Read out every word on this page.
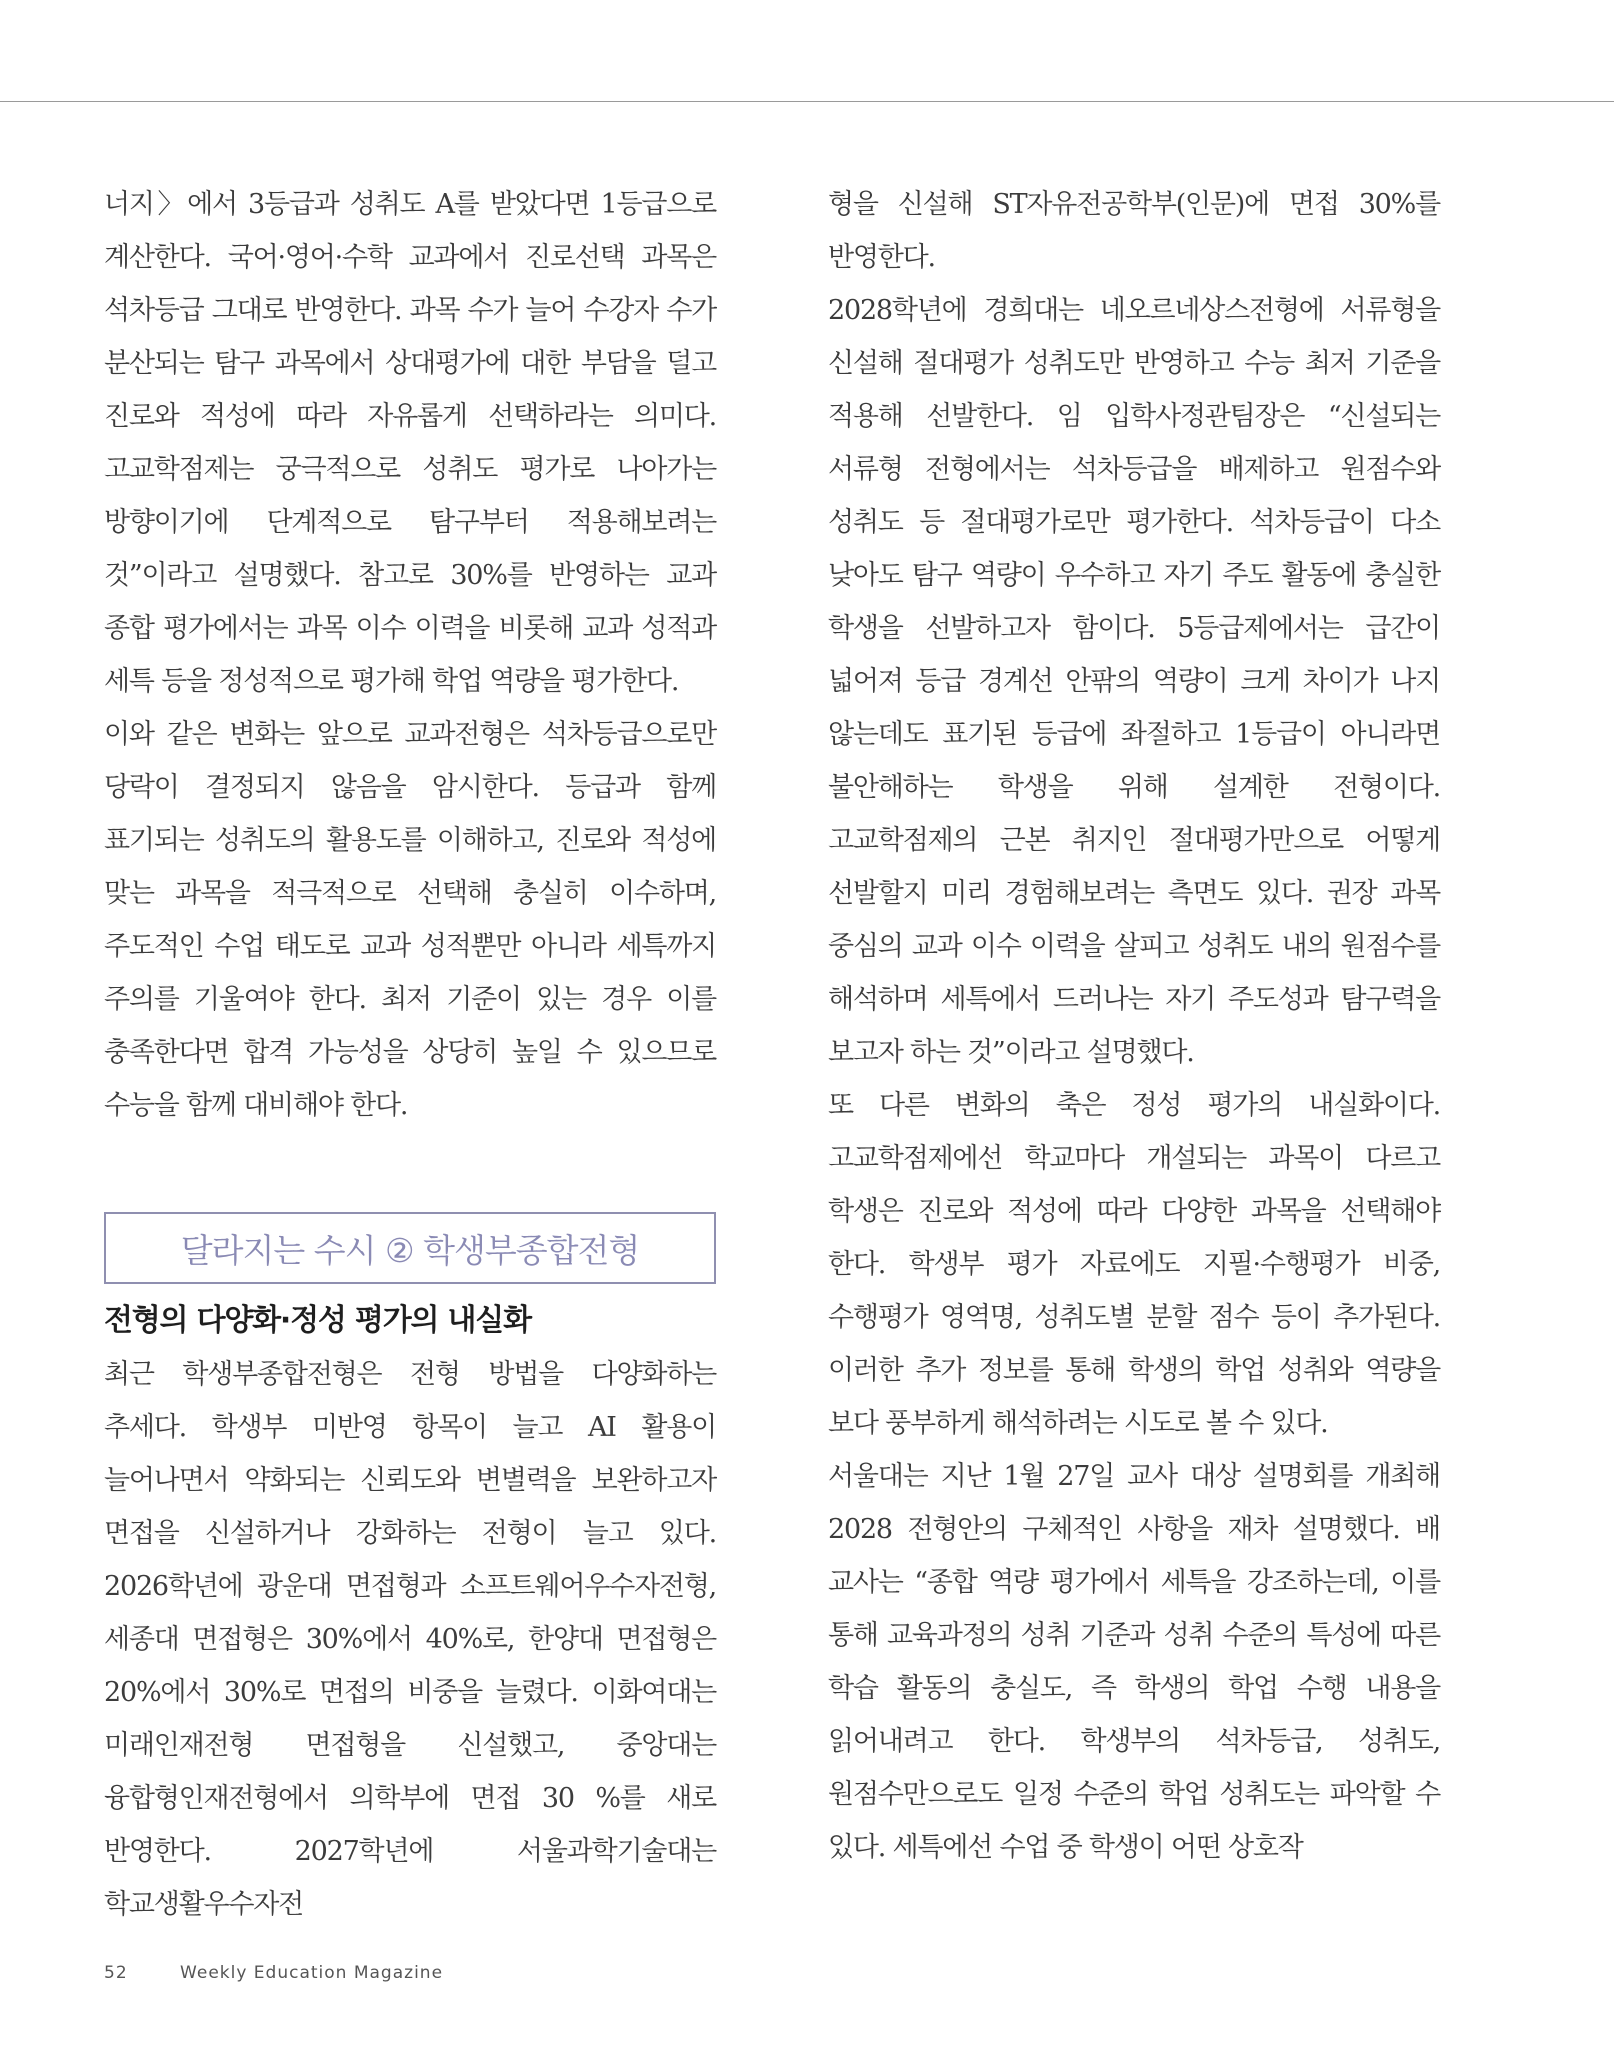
너지〉에서 3등급과 성취도 A를 받았다면 1등급으로 계산한다. 국어·영어·수학 교과에서 진로선택 과목은 석차등급 그대로 반영한다. 과목 수가 늘어 수강자 수가 분산되는 탐구 과목에서 상대평가에 대한 부담을 덜고 진로와 적성에 따라 자유롭게 선택하라는 의미다. 고교학점제는 궁극적으로 성취도 평가로 나아가는 방향이기에 단계적으로 탐구부터 적용해보려는 것”이라고 설명했다. 참고로 30%를 반영하는 교과 종합 평가에서는 과목 이수 이력을 비롯해 교과 성적과 세특 등을 정성적으로 평가해 학업 역량을 평가한다.

이와 같은 변화는 앞으로 교과전형은 석차등급으로만 당락이 결정되지 않음을 암시한다. 등급과 함께 표기되는 성취도의 활용도를 이해하고, 진로와 적성에 맞는 과목을 적극적으로 선택해 충실히 이수하며, 주도적인 수업 태도로 교과 성적뿐만 아니라 세특까지 주의를 기울여야 한다. 최저 기준이 있는 경우 이를 충족한다면 합격 가능성을 상당히 높일 수 있으므로 수능을 함께 대비해야 한다.

달라지는 수시 ② 학생부종합전형
전형의 다양화·정성 평가의 내실화

최근 학생부종합전형은 전형 방법을 다양화하는 추세다. 학생부 미반영 항목이 늘고 AI 활용이 늘어나면서 약화되는 신뢰도와 변별력을 보완하고자 면접을 신설하거나 강화하는 전형이 늘고 있다. 2026학년에 광운대 면접형과 소프트웨어우수자전형, 세종대 면접형은 30%에서 40%로, 한양대 면접형은 20%에서 30%로 면접의 비중을 늘렸다. 이화여대는 미래인재전형 면접형을 신설했고, 중앙대는 융합형인재전형에서 의학부에 면접 30 %를 새로 반영한다. 2027학년에 서울과학기술대는 학교생활우수자전

형을 신설해 ST자유전공학부(인문)에 면접 30%를 반영한다.

2028학년에 경희대는 네오르네상스전형에 서류형을 신설해 절대평가 성취도만 반영하고 수능 최저 기준을 적용해 선발한다. 임 입학사정관팀장은 “신설되는 서류형 전형에서는 석차등급을 배제하고 원점수와 성취도 등 절대평가로만 평가한다. 석차등급이 다소 낮아도 탐구 역량이 우수하고 자기 주도 활동에 충실한 학생을 선발하고자 함이다. 5등급제에서는 급간이 넓어져 등급 경계선 안팎의 역량이 크게 차이가 나지 않는데도 표기된 등급에 좌절하고 1등급이 아니라면 불안해하는 학생을 위해 설계한 전형이다. 고교학점제의 근본 취지인 절대평가만으로 어떻게 선발할지 미리 경험해보려는 측면도 있다. 권장 과목 중심의 교과 이수 이력을 살피고 성취도 내의 원점수를 해석하며 세특에서 드러나는 자기 주도성과 탐구력을 보고자 하는 것”이라고 설명했다.

또 다른 변화의 축은 정성 평가의 내실화이다. 고교학점제에선 학교마다 개설되는 과목이 다르고 학생은 진로와 적성에 따라 다양한 과목을 선택해야 한다. 학생부 평가 자료에도 지필·수행평가 비중, 수행평가 영역명, 성취도별 분할 점수 등이 추가된다. 이러한 추가 정보를 통해 학생의 학업 성취와 역량을 보다 풍부하게 해석하려는 시도로 볼 수 있다.

서울대는 지난 1월 27일 교사 대상 설명회를 개최해 2028 전형안의 구체적인 사항을 재차 설명했다. 배 교사는 “종합 역량 평가에서 세특을 강조하는데, 이를 통해 교육과정의 성취 기준과 성취 수준의 특성에 따른 학습 활동의 충실도, 즉 학생의 학업 수행 내용을 읽어내려고 한다. 학생부의 석차등급, 성취도, 원점수만으로도 일정 수준의 학업 성취도는 파악할 수 있다. 세특에선 수업 중 학생이 어떤 상호작

52	Weekly Education Magazine
